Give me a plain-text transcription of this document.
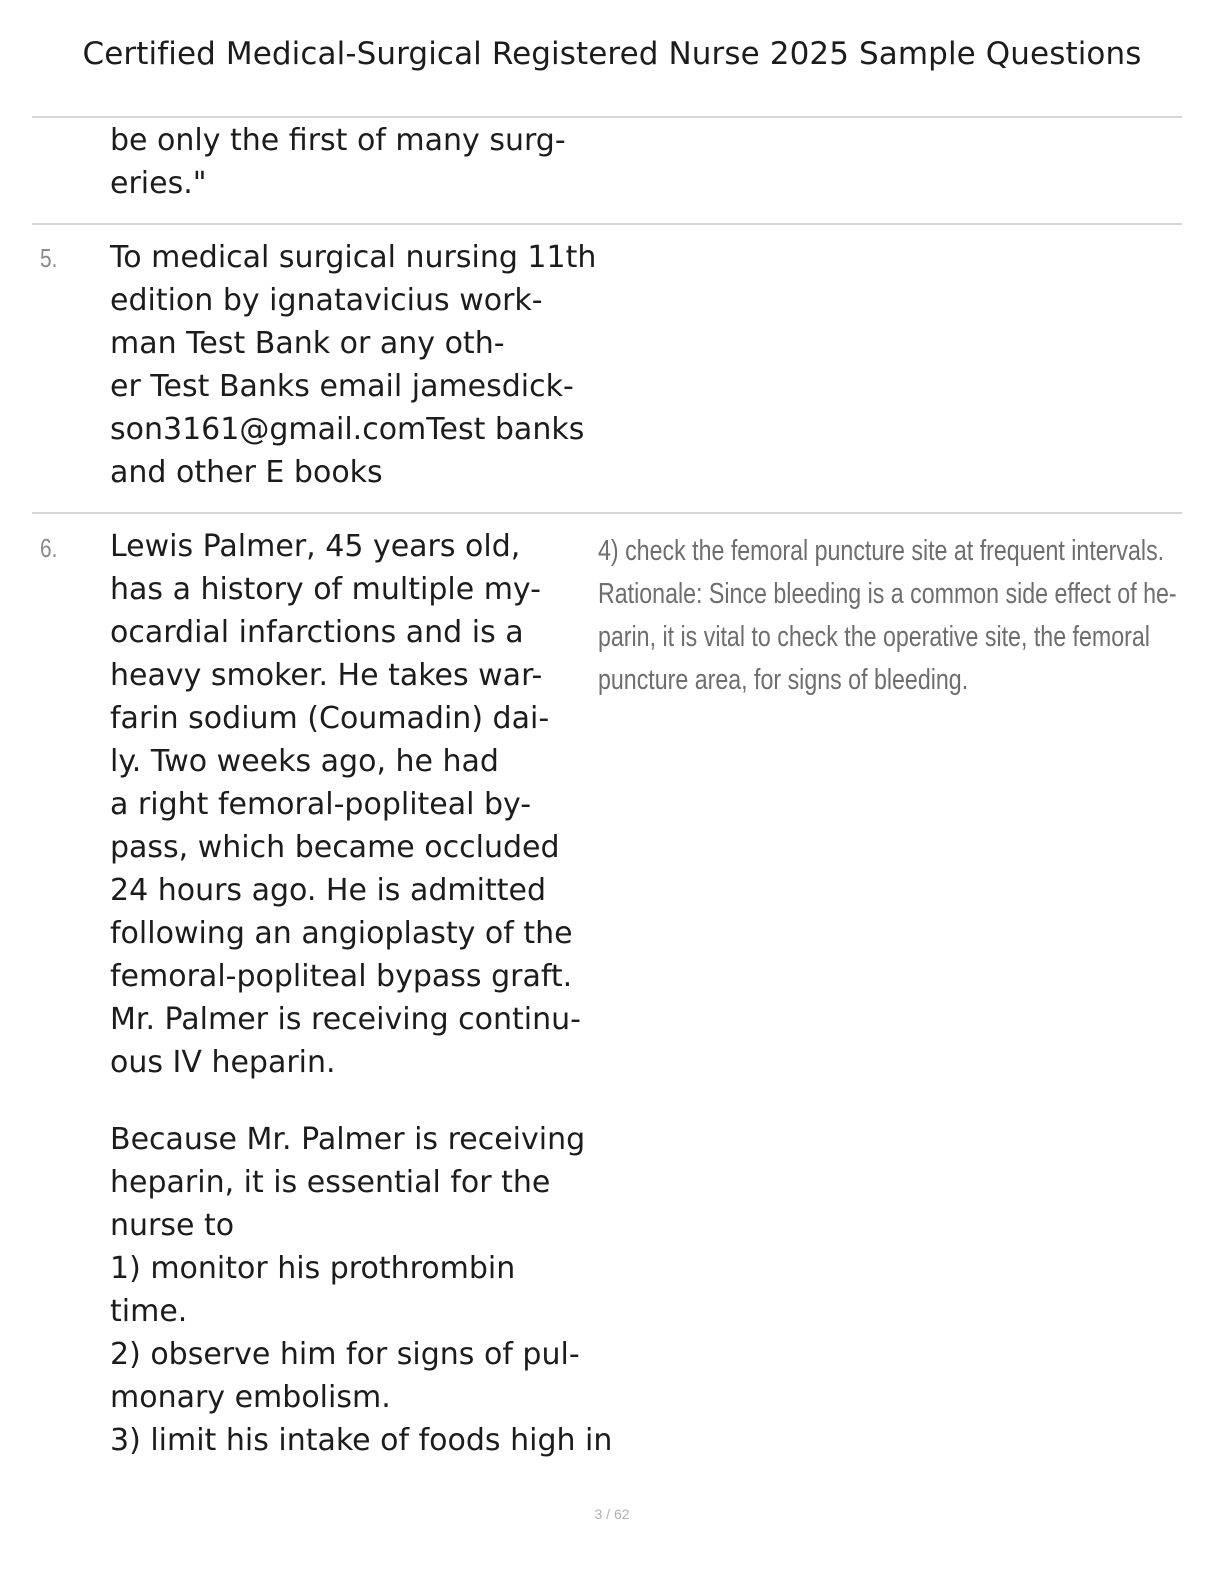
Certified Medical-Surgical Registered Nurse 2025 Sample Questions
be only the first of many surg-
eries."
5. To medical surgical nursing 11th
edition by ignatavicius work-
man Test Bank or any oth-
er Test Banks email jamesdick-
son3161@gmail.comTest banks
and other E books
6. Lewis Palmer, 45 years old,
has a history of multiple my-
ocardial infarctions and is a
heavy smoker. He takes war-
farin sodium (Coumadin) dai-
ly. Two weeks ago, he had
a right femoral-popliteal by-
pass, which became occluded
24 hours ago. He is admitted
following an angioplasty of the
femoral-popliteal bypass graft.
Mr. Palmer is receiving continu-
ous IV heparin.
Because Mr. Palmer is receiving
heparin, it is essential for the
nurse to
1) monitor his prothrombin
time.
2) observe him for signs of pul-
monary embolism.
3) limit his intake of foods high in
4) check the femoral puncture site at frequent intervals.
Rationale: Since bleeding is a common side effect of he-
parin, it is vital to check the operative site, the femoral
puncture area, for signs of bleeding.
3 / 62
